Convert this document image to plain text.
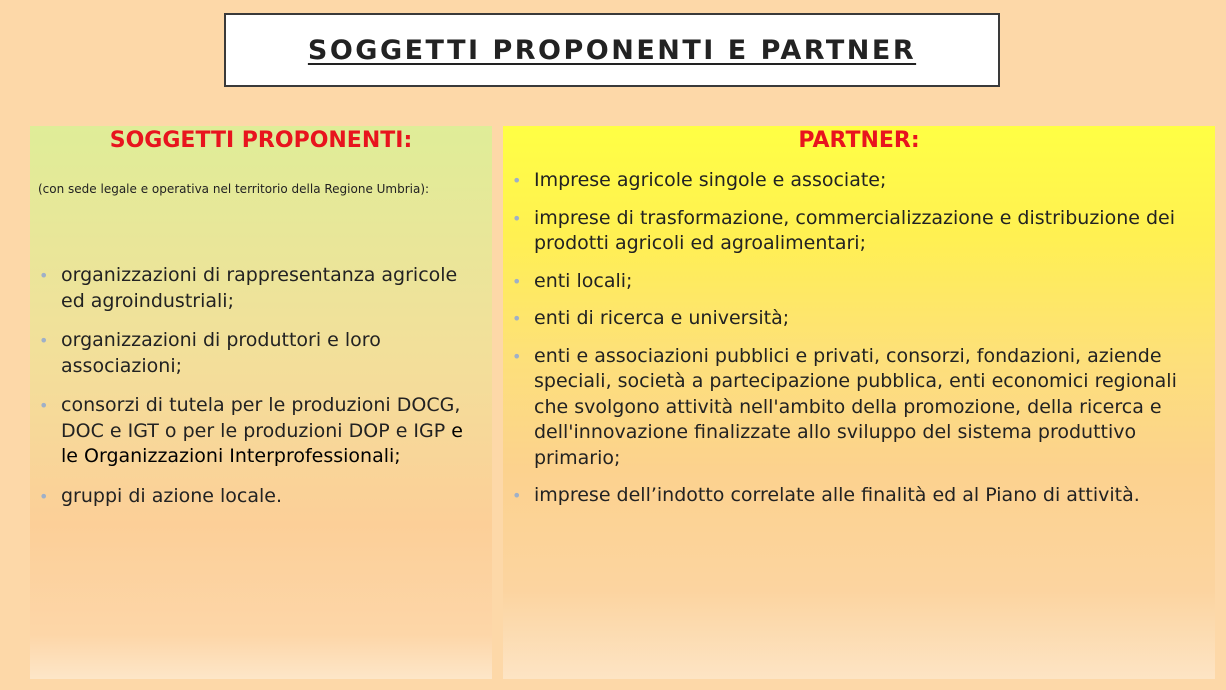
SOGGETTI PROPONENTI E PARTNER
SOGGETTI PROPONENTI:
(con sede legale e operativa nel territorio della Regione Umbria):
• organizzazioni di rappresentanza agricole ed agroindustriali;
• organizzazioni di produttori e loro associazioni;
• consorzi di tutela per le produzioni DOCG, DOC e IGT o per le produzioni DOP e IGP e le Organizzazioni Interprofessionali;
• gruppi di azione locale.
PARTNER:
• Imprese agricole singole e associate;
• imprese di trasformazione, commercializzazione e distribuzione dei prodotti agricoli ed agroalimentari;
• enti locali;
• enti di ricerca e università;
• enti e associazioni pubblici e privati, consorzi, fondazioni, aziende speciali, società a partecipazione pubblica, enti economici regionali che svolgono attività nell'ambito della promozione, della ricerca e dell'innovazione finalizzate allo sviluppo del sistema produttivo primario;
• imprese dell’indotto correlate alle finalità ed al Piano di attività.
